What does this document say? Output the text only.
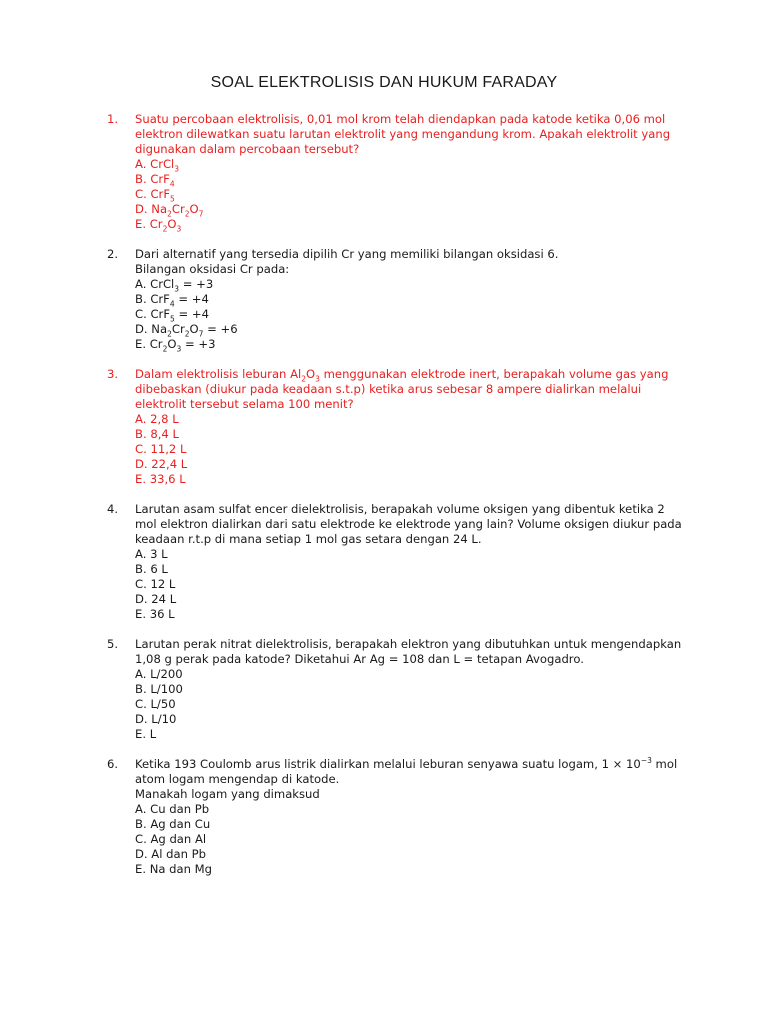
SOAL ELEKTROLISIS DAN HUKUM FARADAY
1.	Suatu percobaan elektrolisis, 0,01 mol krom telah diendapkan pada katode ketika 0,06 mol elektron dilewatkan suatu larutan elektrolit yang mengandung krom. Apakah elektrolit yang digunakan dalam percobaan tersebut?
A. CrCl$_3$
B. CrF$_4$
C. CrF$_5$
D. $Na_2Cr_2O_7$
E. $Cr_2O_3$
2.	Dari alternatif yang tersedia dipilih Cr yang memiliki bilangan oksidasi 6.
Bilangan oksidasi Cr pada:
A. CrCl$_3$ = +3
B. CrF$_4$ = +4
C. CrF$_5$ = +4
D. $Na_2Cr_2O_7 = +6$
E. $Cr_2O_3 = +3$
3.	Dalam elektrolisis leburan $Al_2O_3$ menggunakan elektrode inert, berapakah volume gas yang dibebaskan (diukur pada keadaan s.t.p) ketika arus sebesar 8 ampere dialirkan melalui elektrolit tersebut selama 100 menit?
A. 2,8 L
B. 8,4 L
C. 11,2 L
D. 22,4 L
E. 33,6 L
4.	Larutan asam sulfat encer dielektrolisis, berapakah volume oksigen yang dibentuk ketika 2 mol elektron dialirkan dari satu elektrode ke elektrode yang lain? Volume oksigen diukur pada keadaan r.t.p di mana setiap 1 mol gas setara dengan 24 L.
A. 3 L
B. 6 L
C. 12 L
D. 24 L
E. 36 L
5.	Larutan perak nitrat dielektrolisis, berapakah elektron yang dibutuhkan untuk mengendapkan 1,08 g perak pada katode? Diketahui Ar Ag = 108 dan L = tetapan Avogadro.
A. L/200
B. L/100
C. L/50
D. L/10
E. L
6.	Ketika 193 Coulomb arus listrik dialirkan melalui leburan senyawa suatu logam, $1 \times 10^{-3}$ mol atom logam mengendap di katode.
Manakah logam yang dimaksud
A. Cu dan Pb
B. Ag dan Cu
C. Ag dan Al
D. Al dan Pb
E. Na dan Mg
